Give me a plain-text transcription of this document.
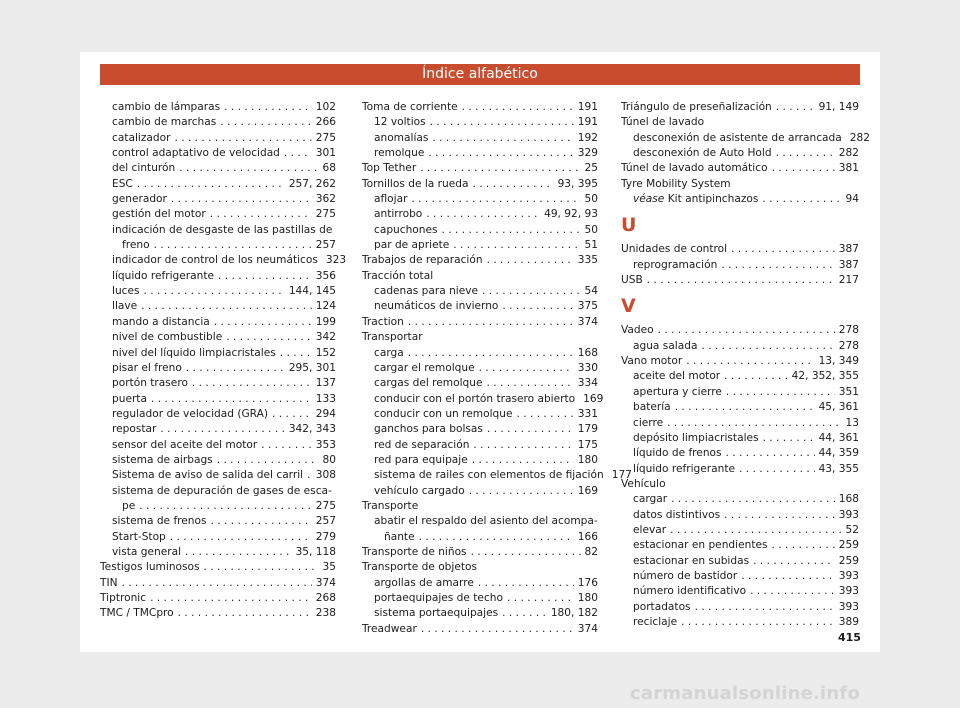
Índice alfabético
cambio de lámparas . . .	102
cambio de marchas . . .	266
catalizador . . .	275
control adaptativo de velocidad . . .	301
del cinturón . . .	68
ESC . . .	257, 262
generador . . .	362
gestión del motor . . .	275
indicación de desgaste de las pastillas de
freno . . .	257
indicador de control de los neumáticos 323
líquido refrigerante . . .	356
luces . . .	144, 145
llave . . .	124
mando a distancia . . .	199
nivel de combustible . . .	342
nivel del líquido limpiacristales . . .	152
pisar el freno . . .	295, 301
portón trasero . . .	137
puerta . . .	133
regulador de velocidad (GRA) . . .	294
repostar . . .	342, 343
sensor del aceite del motor . . .	353
sistema de airbags . . .	80
Sistema de aviso de salida del carril . . . 308
sistema de depuración de gases de esca-
pe . . .	275
sistema de frenos . . .	257
Start-Stop . . .	279
vista general . . .	35, 118
Testigos luminosos . . .	35
TIN . . .	374
Tiptronic . . .	268
TMC / TMCpro . . .	238
Toma de corriente . . .	191
12 voltios . . .	191
anomalías . . .	192
remolque . . .	329
Top Tether . . .	25
Tornillos de la rueda . . .	93, 395
aflojar . . .	50
antirrobo . . .	49, 92, 93
capuchones . . .	50
par de apriete . . .	51
Trabajos de reparación . . .	335
Tracción total
cadenas para nieve . . .	54
neumáticos de invierno . . .	375
Traction . . .	374
Transportar
carga . . .	168
cargar el remolque . . .	330
cargas del remolque . . .	334
conducir con el portón trasero abierto 169
conducir con un remolque . . .	331
ganchos para bolsas . . .	179
red de separación . . .	175
red para equipaje . . .	180
sistema de railes con elementos de fijación 177
vehículo cargado . . .	169
Transporte
abatir el respaldo del asiento del acompa-
ñante . . .	166
Transporte de niños . . .	82
Transporte de objetos
argollas de amarre . . .	176
portaequipajes de techo . . .	180
sistema portaequipajes . . .	180, 182
Treadwear . . .	374
Triángulo de preseñalización . . .	91, 149
Túnel de lavado
desconexión de asistente de arrancada 282
desconexión de Auto Hold . . .	282
Túnel de lavado automático . . .	381
Tyre Mobility System
véase Kit antipinchazos . . .	94
U
Unidades de control . . .	387
reprogramación . . .	387
USB . . .	217
V
Vadeo . . .	278
agua salada . . .	278
Vano motor . . .	13, 349
aceite del motor . . .	42, 352, 355
apertura y cierre . . .	351
batería . . .	45, 361
cierre . . .	13
depósito limpiacristales . . .	44, 361
líquido de frenos . . .	44, 359
líquido refrigerante . . .	43, 355
Vehículo
cargar . . .	168
datos distintivos . . .	393
elevar . . .	52
estacionar en pendientes . . .	259
estacionar en subidas . . .	259
número de bastidor . . .	393
número identificativo . . .	393
portadatos . . .	393
reciclaje . . .	389
415
carmanualsonline.info
